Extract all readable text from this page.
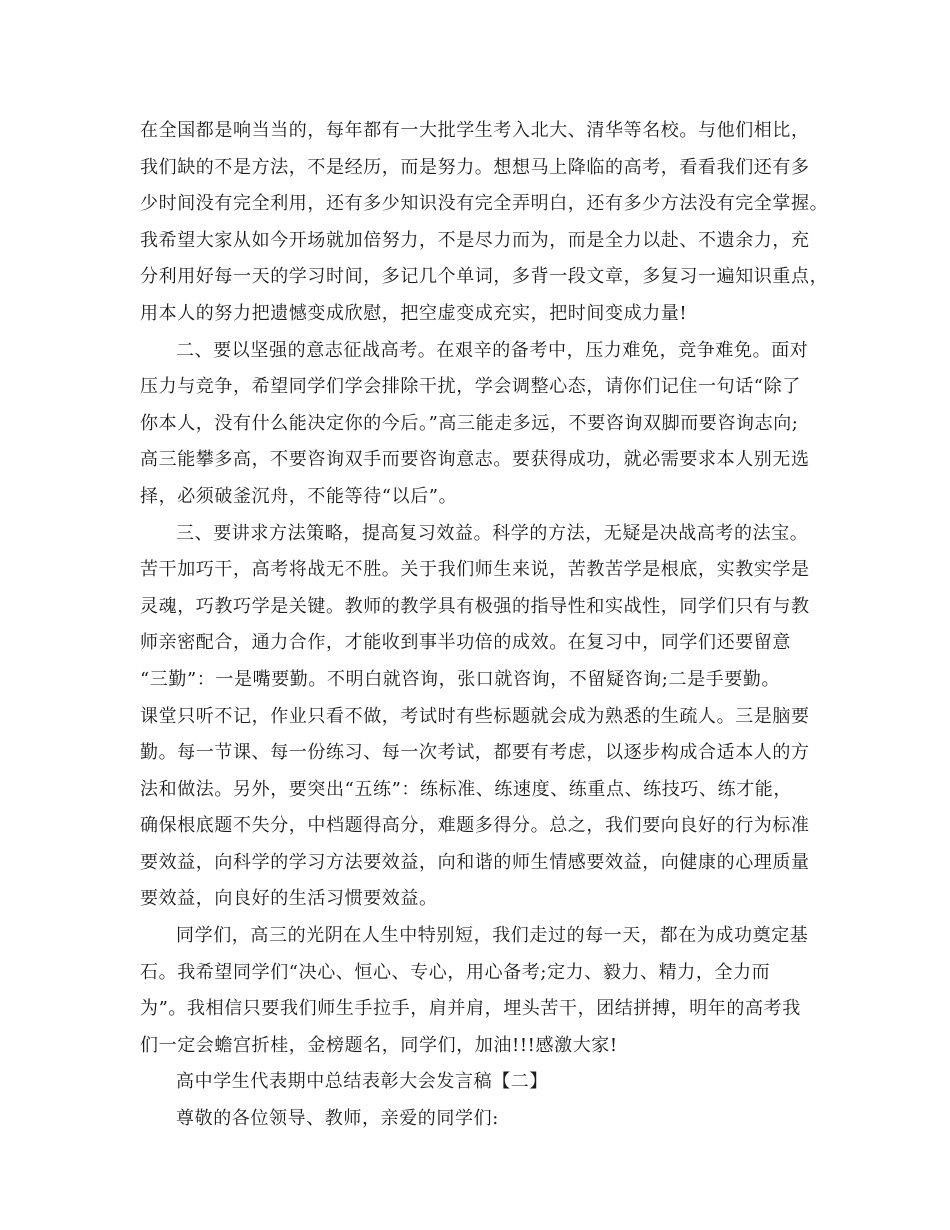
在全国都是响当当的，每年都有一大批学生考入北大、清华等名校。与他们相比，

我们缺的不是方法，不是经历，而是努力。想想马上降临的高考，看看我们还有多

少时间没有完全利用，还有多少知识没有完全弄明白，还有多少方法没有完全掌握。

我希望大家从如今开场就加倍努力，不是尽力而为，而是全力以赴、不遗余力，充

分利用好每一天的学习时间，多记几个单词，多背一段文章，多复习一遍知识重点，

用本人的努力把遗憾变成欣慰，把空虚变成充实，把时间变成力量!

二、要以坚强的意志征战高考。在艰辛的备考中，压力难免，竞争难免。面对

压力与竞争，希望同学们学会排除干扰，学会调整心态，请你们记住一句话“除了

你本人，没有什么能决定你的今后。”高三能走多远，不要咨询双脚而要咨询志向;

高三能攀多高，不要咨询双手而要咨询意志。要获得成功，就必需要求本人别无选

择，必须破釜沉舟，不能等待“以后”。

三、要讲求方法策略，提高复习效益。科学的方法，无疑是决战高考的法宝。

苦干加巧干，高考将战无不胜。关于我们师生来说，苦教苦学是根底，实教实学是

灵魂，巧教巧学是关键。教师的教学具有极强的指导性和实战性，同学们只有与教

师亲密配合，通力合作，才能收到事半功倍的成效。在复习中，同学们还要留意

“三勤”：一是嘴要勤。不明白就咨询，张口就咨询，不留疑咨询;二是手要勤。

课堂只听不记，作业只看不做，考试时有些标题就会成为熟悉的生疏人。三是脑要

勤。每一节课、每一份练习、每一次考试，都要有考虑，以逐步构成合适本人的方

法和做法。另外，要突出“五练”：练标准、练速度、练重点、练技巧、练才能，

确保根底题不失分，中档题得高分，难题多得分。总之，我们要向良好的行为标准

要效益，向科学的学习方法要效益，向和谐的师生情感要效益，向健康的心理质量

要效益，向良好的生活习惯要效益。

同学们，高三的光阴在人生中特别短，我们走过的每一天，都在为成功奠定基

石。我希望同学们“决心、恒心、专心，用心备考;定力、毅力、精力，全力而

为”。我相信只要我们师生手拉手，肩并肩，埋头苦干，团结拼搏，明年的高考我

们一定会蟾宫折桂，金榜题名，同学们，加油!!!感激大家!

高中学生代表期中总结表彰大会发言稿【二】

尊敬的各位领导、教师，亲爱的同学们:
